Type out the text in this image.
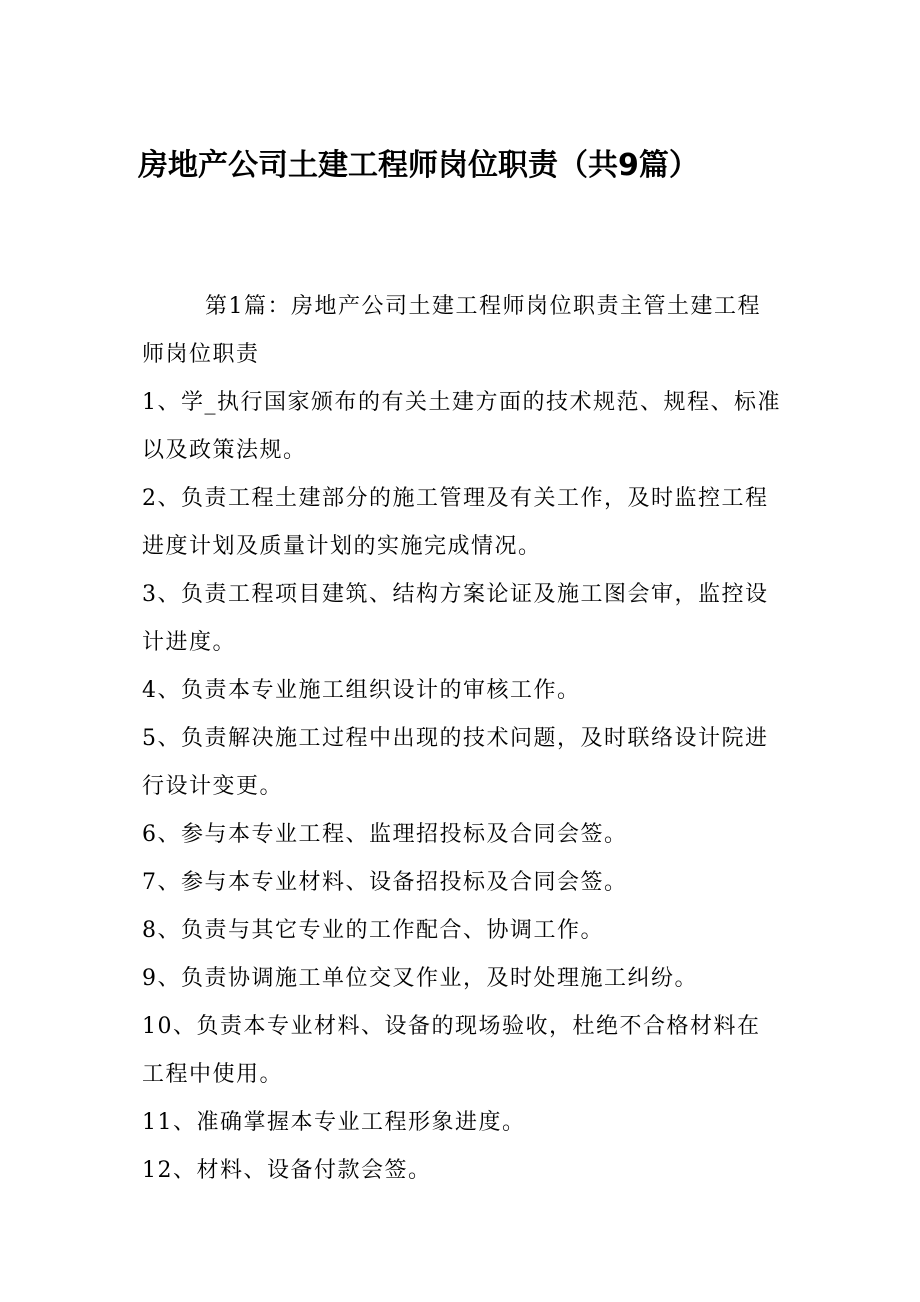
房地产公司土建工程师岗位职责（共9篇）

第1篇：房地产公司土建工程师岗位职责主管土建工程师岗位职责

1、学_执行国家颁布的有关土建方面的技术规范、规程、标准以及政策法规。

2、负责工程土建部分的施工管理及有关工作，及时监控工程进度计划及质量计划的实施完成情况。

3、负责工程项目建筑、结构方案论证及施工图会审，监控设计进度。

4、负责本专业施工组织设计的审核工作。

5、负责解决施工过程中出现的技术问题，及时联络设计院进行设计变更。

6、参与本专业工程、监理招投标及合同会签。

7、参与本专业材料、设备招投标及合同会签。

8、负责与其它专业的工作配合、协调工作。

9、负责协调施工单位交叉作业，及时处理施工纠纷。

10、负责本专业材料、设备的现场验收，杜绝不合格材料在工程中使用。

11、准确掌握本专业工程形象进度。

12、材料、设备付款会签。
